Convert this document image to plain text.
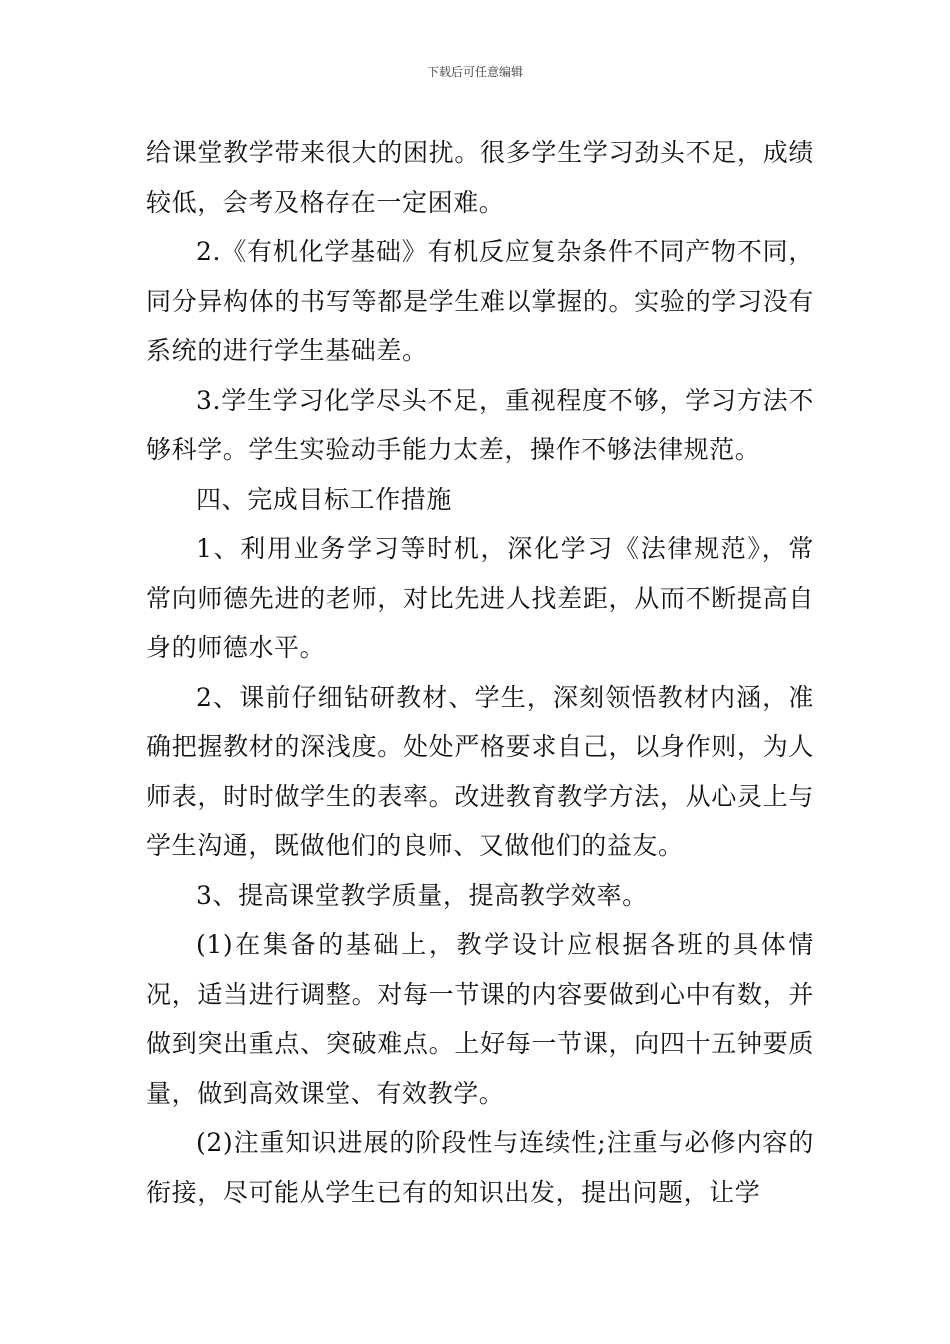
下载后可任意编辑

给课堂教学带来很大的困扰。很多学生学习劲头不足，成绩较低，会考及格存在一定困难。

2.《有机化学基础》有机反应复杂条件不同产物不同，同分异构体的书写等都是学生难以掌握的。实验的学习没有系统的进行学生基础差。

3.学生学习化学尽头不足，重视程度不够，学习方法不够科学。学生实验动手能力太差，操作不够法律规范。

四、完成目标工作措施

1、利用业务学习等时机，深化学习《法律规范》，常常向师德先进的老师，对比先进人找差距，从而不断提高自身的师德水平。

2、课前仔细钻研教材、学生，深刻领悟教材内涵，准确把握教材的深浅度。处处严格要求自己，以身作则，为人师表，时时做学生的表率。改进教育教学方法，从心灵上与学生沟通，既做他们的良师、又做他们的益友。

3、提高课堂教学质量，提高教学效率。

(1)在集备的基础上，教学设计应根据各班的具体情况，适当进行调整。对每一节课的内容要做到心中有数，并做到突出重点、突破难点。上好每一节课，向四十五钟要质量，做到高效课堂、有效教学。

(2)注重知识进展的阶段性与连续性;注重与必修内容的衔接，尽可能从学生已有的知识出发，提出问题，让学
